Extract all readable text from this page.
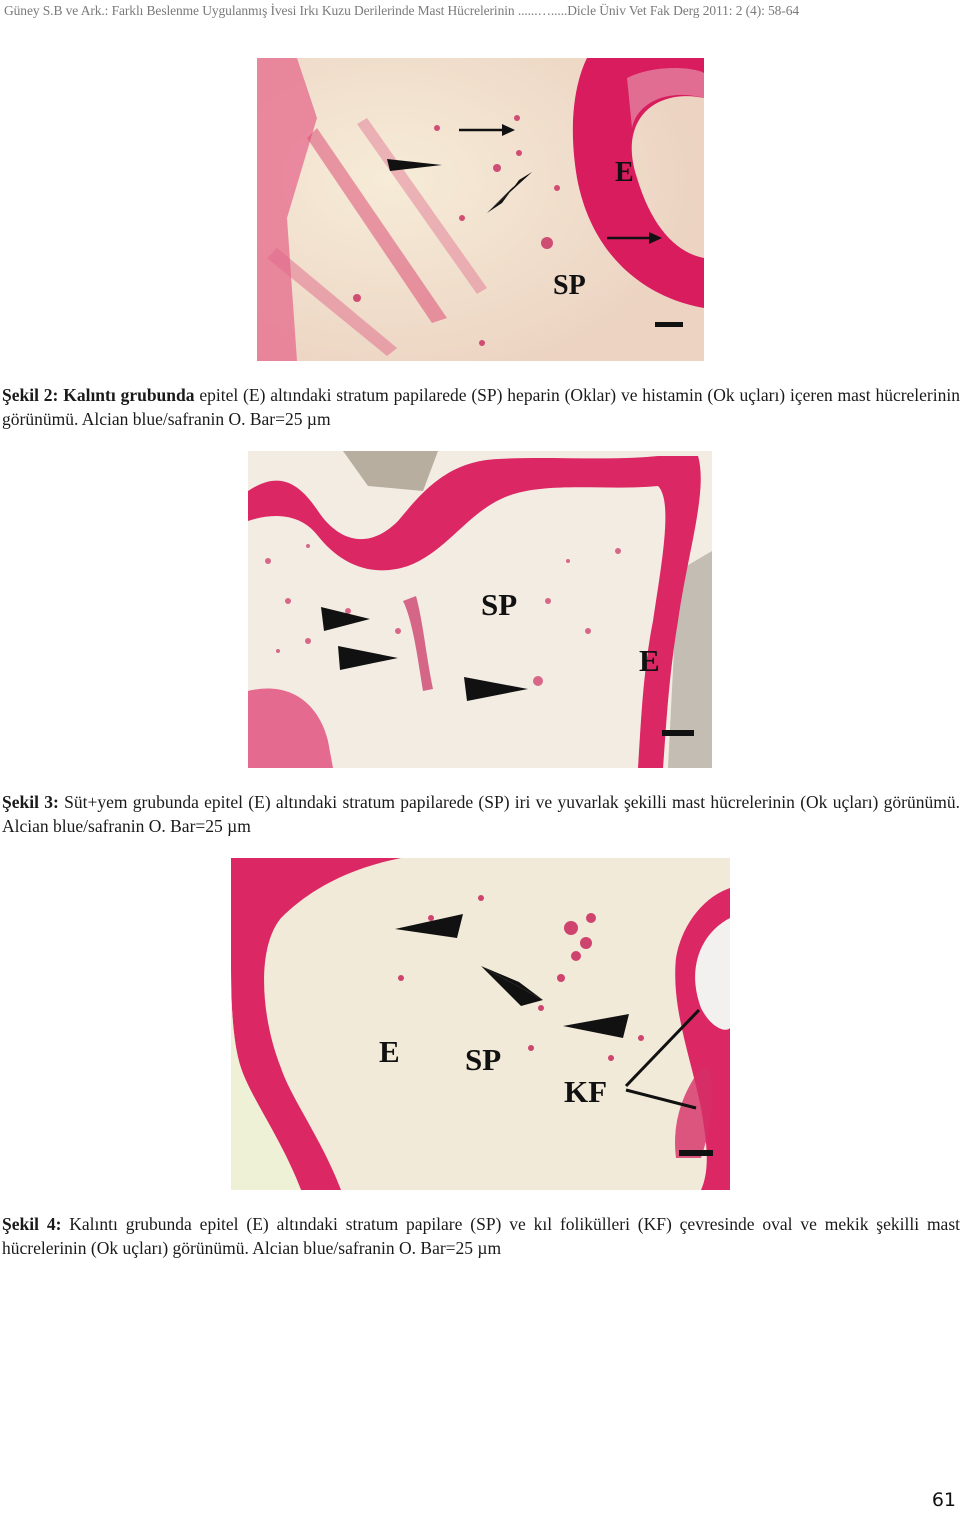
Güney S.B ve Ark.: Farklı Beslenme Uygulanmış İvesi Irkı Kuzu Derilerinde Mast Hücrelerinin ......….....Dicle Üniv Vet Fak Derg 2011: 2 (4): 58-64
E
SP
Şekil 2: Kalıntı grubunda epitel (E) altındaki stratum papilarede (SP) heparin (Oklar) ve histamin (Ok uçları) içeren mast hücrelerinin görünümü. Alcian blue/safranin O. Bar=25 µm
SP
E
Şekil 3: Süt+yem grubunda epitel (E) altındaki stratum papilarede (SP) iri ve yuvarlak şekilli mast hücrelerinin (Ok uçları) görünümü. Alcian blue/safranin O. Bar=25 µm
E SP
KF
Şekil 4: Kalıntı grubunda epitel (E) altındaki stratum papilare (SP) ve kıl folikülleri (KF) çevresinde oval ve mekik şekilli mast hücrelerinin (Ok uçları) görünümü. Alcian blue/safranin O. Bar=25 µm
61
